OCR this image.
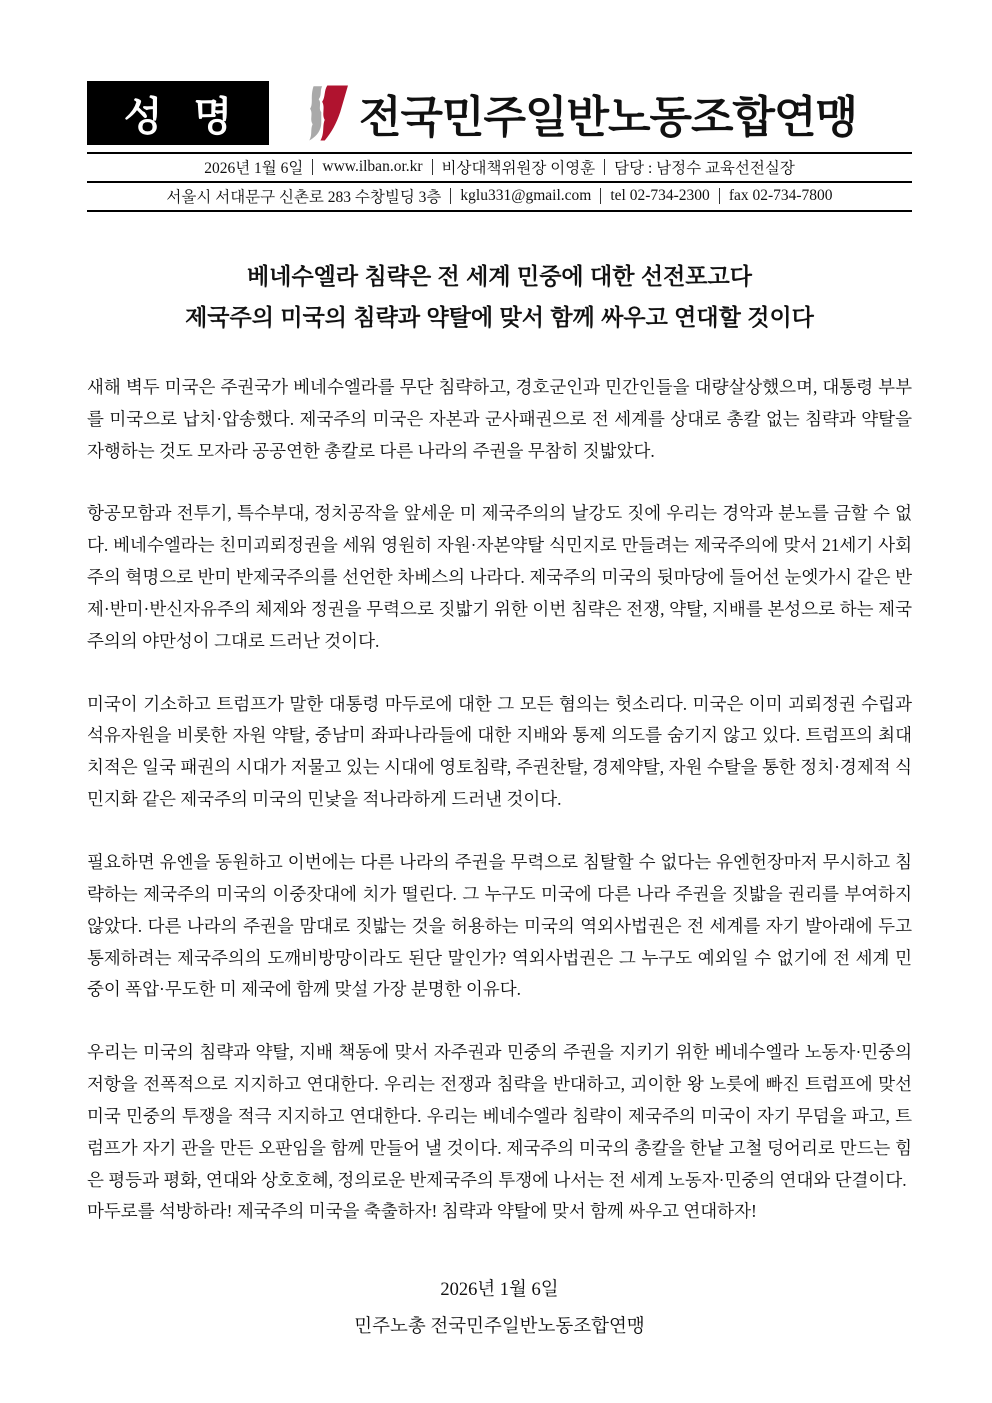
성 명	전국민주일반노동조합연맹
2026년 1월 6일 www.ilban.or.kr 비상대책위원장 이영훈 담당 : 남정수 교육선전실장
서울시 서대문구 신촌로 283 수창빌딩 3층 kglu331@gmail.com tel 02-734-2300 fax 02-734-7800
베네수엘라 침략은 전 세계 민중에 대한 선전포고다
제국주의 미국의 침략과 약탈에 맞서 함께 싸우고 연대할 것이다

새해 벽두 미국은 주권국가 베네수엘라를 무단 침략하고, 경호군인과 민간인들을 대량살상했으며, 대통령 부부를 미국으로 납치·압송했다. 제국주의 미국은 자본과 군사패권으로 전 세계를 상대로 총칼 없는 침략과 약탈을 자행하는 것도 모자라 공공연한 총칼로 다른 나라의 주권을 무참히 짓밟았다.

항공모함과 전투기, 특수부대, 정치공작을 앞세운 미 제국주의의 날강도 짓에 우리는 경악과 분노를 금할 수 없다. 베네수엘라는 친미괴뢰정권을 세워 영원히 자원·자본약탈 식민지로 만들려는 제국주의에 맞서 21세기 사회주의 혁명으로 반미 반제국주의를 선언한 차베스의 나라다. 제국주의 미국의 뒷마당에 들어선 눈엣가시 같은 반제·반미·반신자유주의 체제와 정권을 무력으로 짓밟기 위한 이번 침략은 전쟁, 약탈, 지배를 본성으로 하는 제국주의의 야만성이 그대로 드러난 것이다.

미국이 기소하고 트럼프가 말한 대통령 마두로에 대한 그 모든 혐의는 헛소리다. 미국은 이미 괴뢰정권 수립과 석유자원을 비롯한 자원 약탈, 중남미 좌파나라들에 대한 지배와 통제 의도를 숨기지 않고 있다. 트럼프의 최대치적은 일국 패권의 시대가 저물고 있는 시대에 영토침략, 주권찬탈, 경제약탈, 자원 수탈을 통한 정치·경제적 식민지화 같은 제국주의 미국의 민낯을 적나라하게 드러낸 것이다.

필요하면 유엔을 동원하고 이번에는 다른 나라의 주권을 무력으로 침탈할 수 없다는 유엔헌장마저 무시하고 침략하는 제국주의 미국의 이중잣대에 치가 떨린다. 그 누구도 미국에 다른 나라 주권을 짓밟을 권리를 부여하지 않았다. 다른 나라의 주권을 맘대로 짓밟는 것을 허용하는 미국의 역외사법권은 전 세계를 자기 발아래에 두고 통제하려는 제국주의의 도깨비방망이라도 된단 말인가? 역외사법권은 그 누구도 예외일 수 없기에 전 세계 민중이 폭압·무도한 미 제국에 함께 맞설 가장 분명한 이유다.

우리는 미국의 침략과 약탈, 지배 책동에 맞서 자주권과 민중의 주권을 지키기 위한 베네수엘라 노동자·민중의 저항을 전폭적으로 지지하고 연대한다. 우리는 전쟁과 침략을 반대하고, 괴이한 왕 노릇에 빠진 트럼프에 맞선 미국 민중의 투쟁을 적극 지지하고 연대한다. 우리는 베네수엘라 침략이 제국주의 미국이 자기 무덤을 파고, 트럼프가 자기 관을 만든 오판임을 함께 만들어 낼 것이다. 제국주의 미국의 총칼을 한낱 고철 덩어리로 만드는 힘은 평등과 평화, 연대와 상호호혜, 정의로운 반제국주의 투쟁에 나서는 전 세계 노동자·민중의 연대와 단결이다.

마두로를 석방하라! 제국주의 미국을 축출하자! 침략과 약탈에 맞서 함께 싸우고 연대하자!

2026년 1월 6일
민주노총 전국민주일반노동조합연맹
